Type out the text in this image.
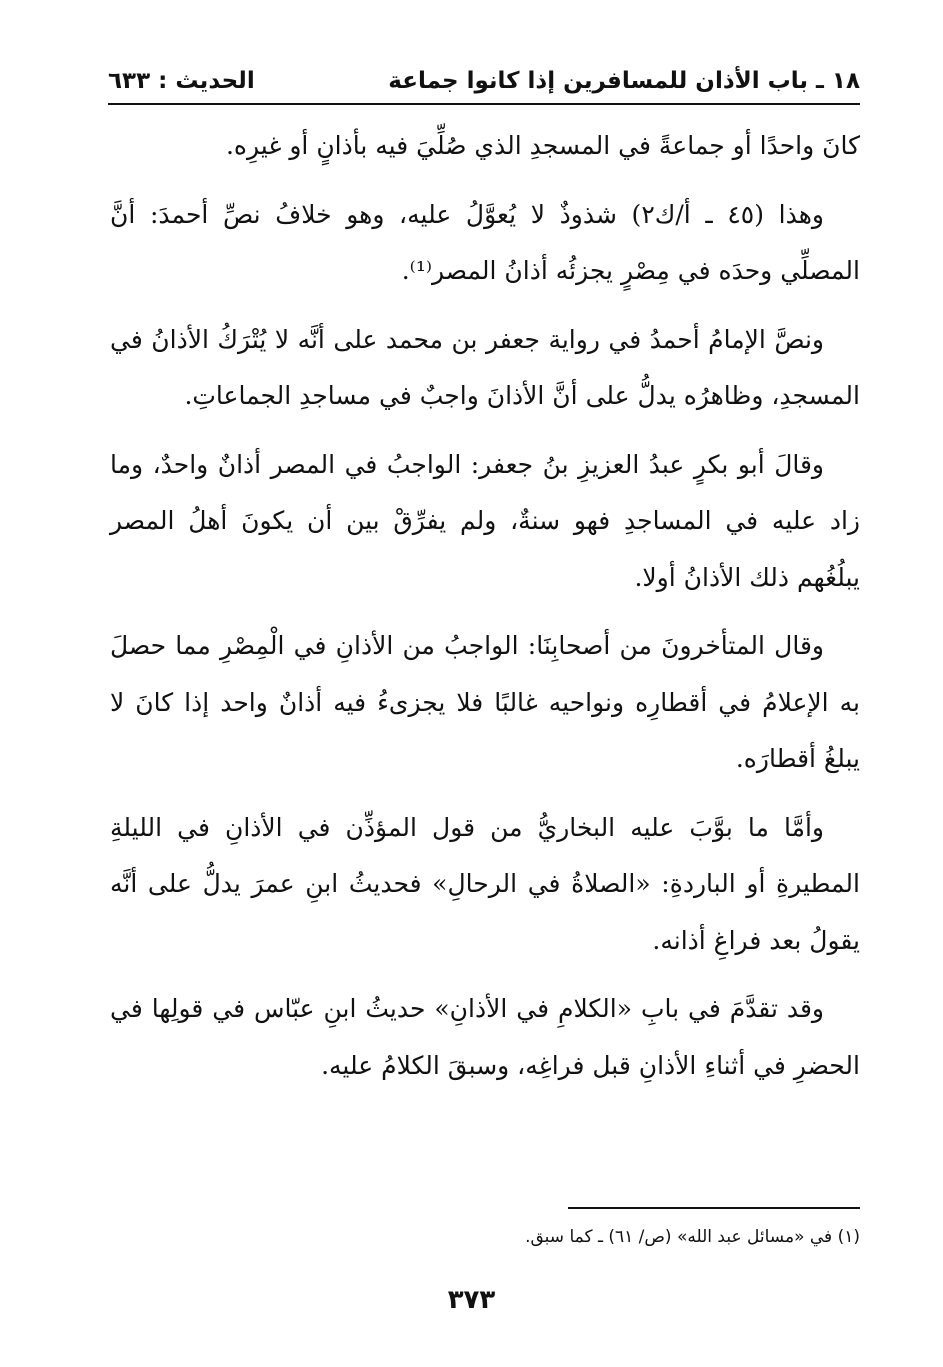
١٨ ـ باب الأذان للمسافرين إذا كانوا جماعة
الحديث : ٦٣٣

كانَ واحدًا أو جماعةً في المسجدِ الذي صُلِّيَ فيه بأذانٍ أو غيرِه.

وهذا (٤٥ ـ أ/ك٢) شذوذٌ لا يُعوَّلُ عليه، وهو خلافُ نصِّ أحمدَ: أنَّ المصلِّي وحدَه في مِصْرٍ يجزئُه أذانُ المصر⁽¹⁾.

ونصَّ الإمامُ أحمدُ في رواية جعفر بن محمد على أنَّه لا يُتْرَكُ الأذانُ في المسجدِ، وظاهرُه يدلُّ على أنَّ الأذانَ واجبٌ في مساجدِ الجماعاتِ.

وقالَ أبو بكرٍ عبدُ العزيزِ بنُ جعفر: الواجبُ في المصر أذانٌ واحدٌ، وما زاد عليه في المساجدِ فهو سنةٌ، ولم يفرِّقْ بين أن يكونَ أهلُ المصر يبلُغُهم ذلك الأذانُ أولا.

وقال المتأخرونَ من أصحابِنَا: الواجبُ من الأذانِ في الْمِصْرِ مما حصلَ به الإعلامُ في أقطارِه ونواحيه غالبًا فلا يجزىءُ فيه أذانٌ واحد إذا كانَ لا يبلغُ أقطارَه.

وأمَّا ما بوَّبَ عليه البخاريُّ من قول المؤذِّن في الأذانِ في الليلةِ المطيرةِ أو الباردةِ: «الصلاةُ في الرحالِ» فحديثُ ابنِ عمرَ يدلُّ على أنَّه يقولُ بعد فراغِ أذانه.

وقد تقدَّمَ في بابِ «الكلامِ في الأذانِ» حديثُ ابنِ عبّاس في قولِها في الحضرِ في أثناءِ الأذانِ قبل فراغِه، وسبقَ الكلامُ عليه.

(١) في «مسائل عبد الله» (ص/ ٦١) ـ كما سبق.
٣٧٣
